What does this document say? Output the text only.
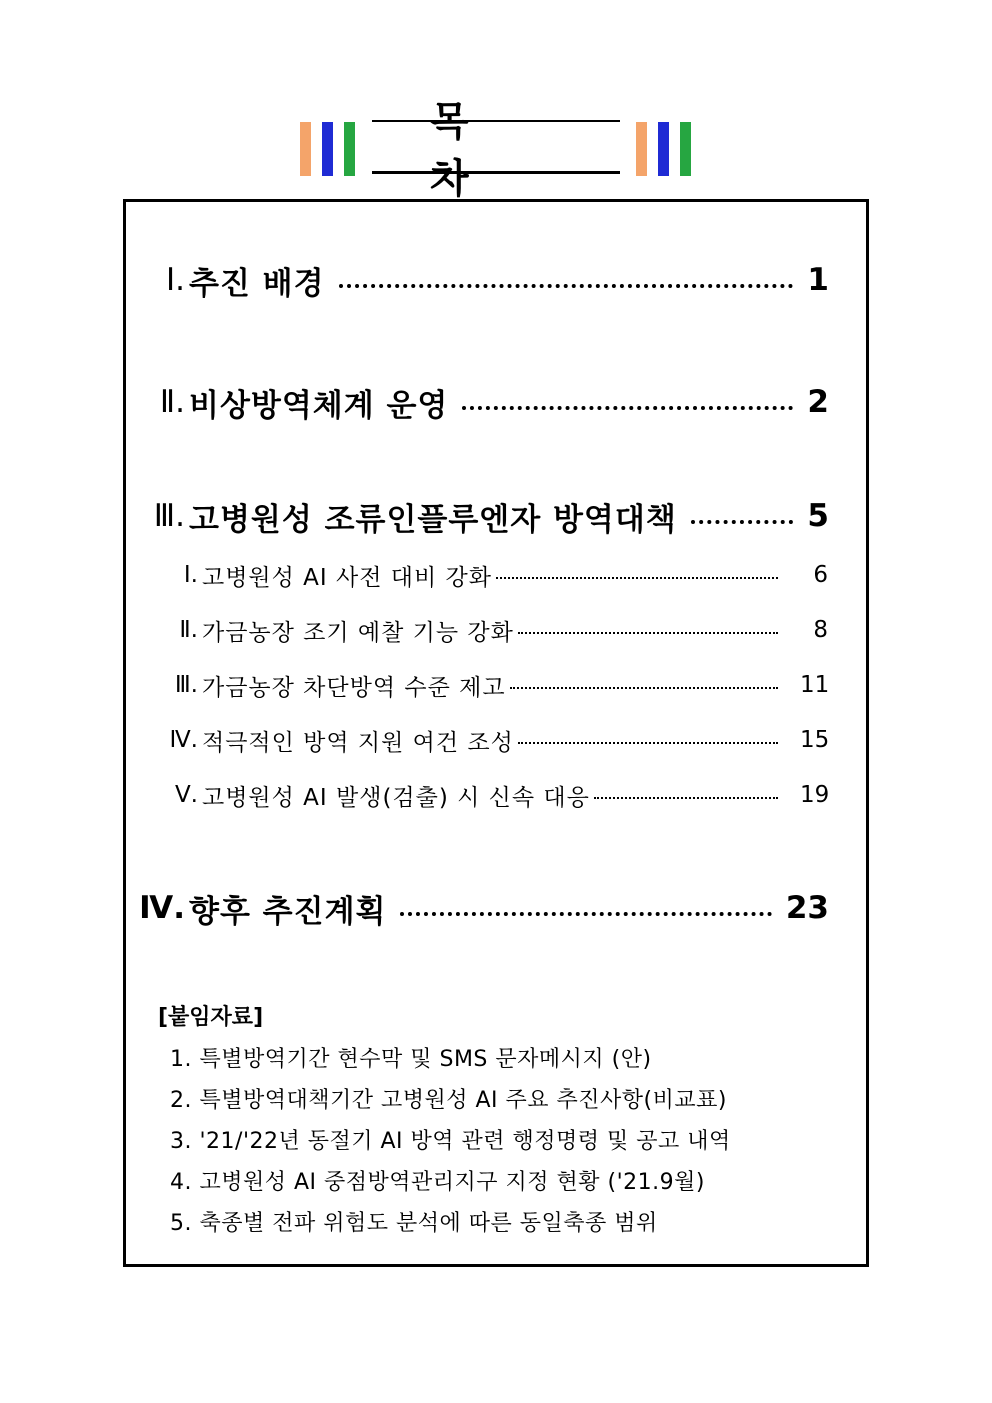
목차
Ⅰ. 추진 배경	1
Ⅱ. 비상방역체계 운영	2
Ⅲ. 고병원성 조류인플루엔자 방역대책	5
Ⅰ. 고병원성 AI 사전 대비 강화	6
Ⅱ. 가금농장 조기 예찰 기능 강화	8
Ⅲ. 가금농장 차단방역 수준 제고	11
Ⅳ. 적극적인 방역 지원 여건 조성	15
Ⅴ. 고병원성 AI 발생(검출) 시 신속 대응	19
Ⅳ. 향후 추진계획	23
[붙임자료]
1. 특별방역기간 현수막 및 SMS 문자메시지 (안)
2. 특별방역대책기간 고병원성 AI 주요 추진사항(비교표)
3. '21/'22년 동절기 AI 방역 관련 행정명령 및 공고 내역
4. 고병원성 AI 중점방역관리지구 지정 현황 ('21.9월)
5. 축종별 전파 위험도 분석에 따른 동일축종 범위
